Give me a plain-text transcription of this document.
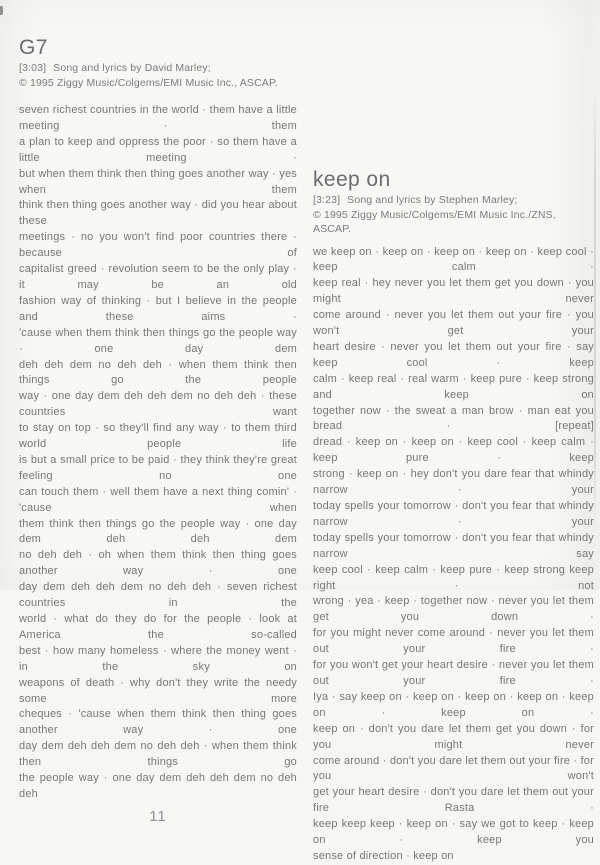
G7
[3:03] Song and lyrics by David Marley;
© 1995 Ziggy Music/Colgems/EMI Music Inc., ASCAP.
seven richest countries in the world · them have a little meeting · them
a plan to keep and oppress the poor · so them have a little meeting ·
but when them think then thing goes another way · yes when them
think then thing goes another way · did you hear about these
meetings · no you won't find poor countries there · because of
capitalist greed · revolution seem to be the only play · it may be an old
fashion way of thinking · but I believe in the people and these aims ·
'cause when them think then things go the people way · one day dem
deh deh dem no deh deh · when them think then things go the people
way · one day dem deh deh dem no deh deh · these countries want
to stay on top · so they'll find any way · to them third world people life
is but a small price to be paid · they think they're great feeling no one
can touch them · well them have a next thing comin' · 'cause when
them think then things go the people way · one day dem deh deh dem
no deh deh · oh when them think then thing goes another way · one
day dem deh deh dem no deh deh · seven richest countries in the
world · what do they do for the people · look at America the so-called
best · how many homeless · where the money went · in the sky on
weapons of death · why don't they write the needy some more
cheques · 'cause when them think then thing goes another way · one
day dem deh deh dem no deh deh · when them think then things go
the people way · one day dem deh deh dem no deh deh
11
keep on
[3:23] Song and lyrics by Stephen Marley;
© 1995 Ziggy Music/Colgems/EMI Music Inc./ZNS, ASCAP.
we keep on · keep on · keep on · keep on · keep cool · keep calm ·
keep real · hey never you let them get you down · you might never
come around · never you let them out your fire · you won't get your
heart desire · never you let them out your fire · say keep cool · keep
calm · keep real · real warm · keep pure · keep strong and keep on
together now · the sweat a man brow · man eat you bread · [repeat]
dread · keep on · keep on · keep cool · keep calm · keep pure · keep
strong · keep on · hey don't you dare fear that whindy narrow · your
today spells your tomorrow · don't you fear that whindy narrow · your
today spells your tomorrow · don't you fear that whindy narrow say
keep cool · keep calm · keep pure · keep strong keep right · not
wrong · yea · keep · together now · never you let them get you down ·
for you might never come around · never you let them out your fire ·
for you won't get your heart desire · never you let them out your fire ·
Iya · say keep on · keep on · keep on · keep on · keep on · keep on ·
keep on · don't you dare let them get you down · for you might never
come around · don't you dare let them out your fire · for you won't
get your heart desire · don't you dare let them out your fire Rasta ·
keep keep keep · keep on · say we got to keep · keep on · keep you
sense of direction · keep on
